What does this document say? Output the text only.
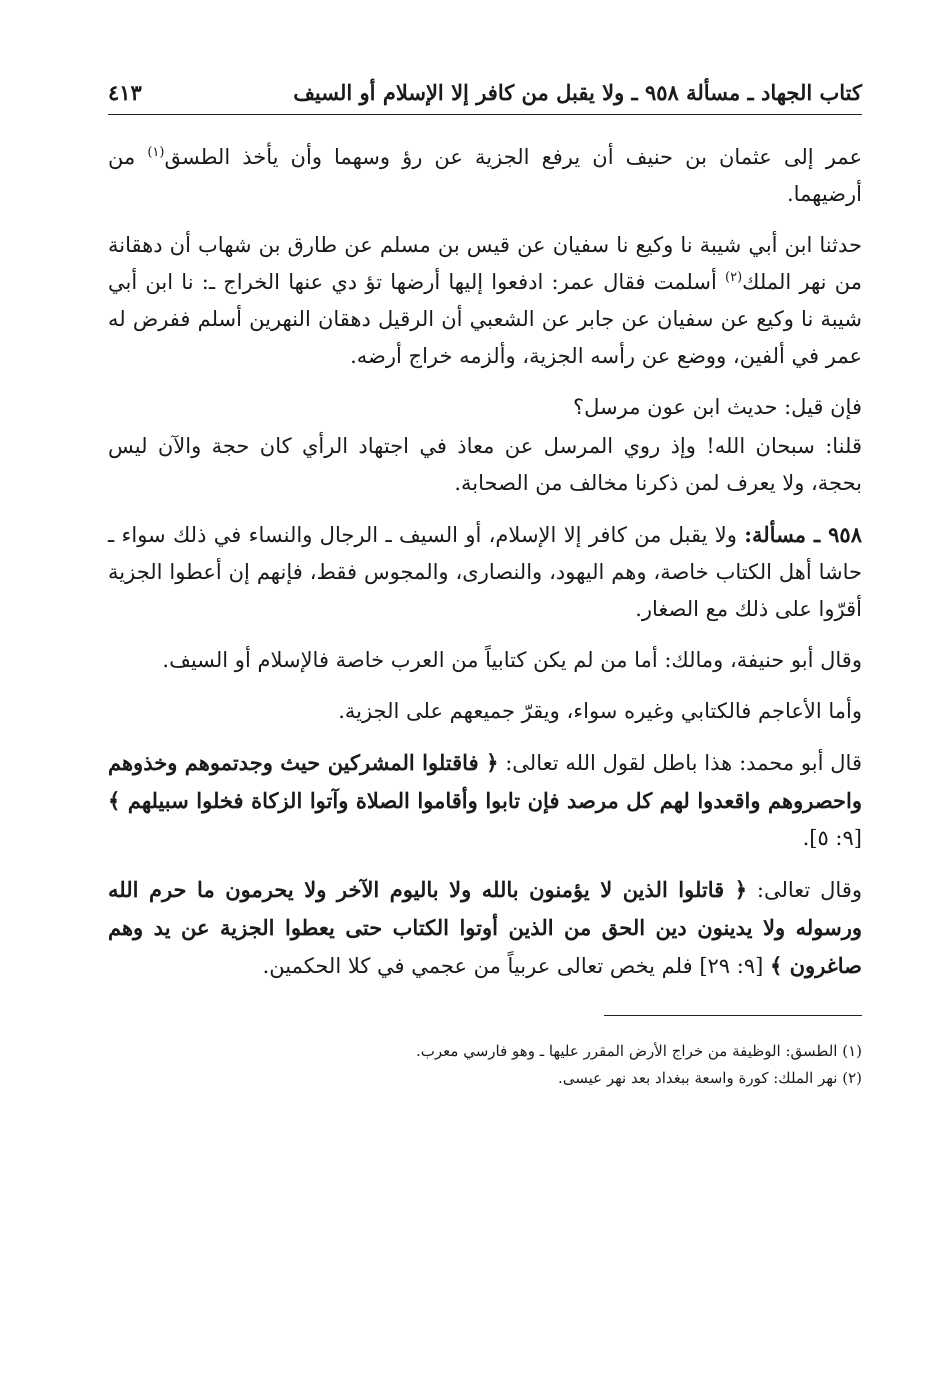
كتاب الجهاد ـ مسألة ٩٥٨ ـ ولا يقبل من كافر إلا الإسلام أو السيف
٤١٣

عمر إلى عثمان بن حنيف أن يرفع الجزية عن رؤ وسهما وأن يأخذ الطسق$^{(١)}$ من أرضيهما.

حدثنا ابن أبي شيبة نا وكيع نا سفيان عن قيس بن مسلم عن طارق بن شهاب أن دهقانة من نهر الملك$^{(٢)}$ أسلمت فقال عمر: ادفعوا إليها أرضها تؤ دي عنها الخراج ـ: نا ابن أبي شيبة نا وكيع عن سفيان عن جابر عن الشعبي أن الرقيل دهقان النهرين أسلم ففرض له عمر في ألفين، ووضع عن رأسه الجزية، وألزمه خراج أرضه.

فإن قيل: حديث ابن عون مرسل؟

قلنا: سبحان الله! وإذ روي المرسل عن معاذ في اجتهاد الرأي كان حجة والآن ليس بحجة، ولا يعرف لمن ذكرنا مخالف من الصحابة.

٩٥٨ ـ مسألة: ولا يقبل من كافر إلا الإسلام، أو السيف ـ الرجال والنساء في ذلك سواء ـ حاشا أهل الكتاب خاصة، وهم اليهود، والنصارى، والمجوس فقط، فإنهم إن أعطوا الجزية أقرّوا على ذلك مع الصغار.

وقال أبو حنيفة، ومالك: أما من لم يكن كتابياً من العرب خاصة فالإسلام أو السيف.

وأما الأعاجم فالكتابي وغيره سواء، ويقرّ جميعهم على الجزية.

قال أبو محمد: هذا باطل لقول الله تعالى: ﴿ فاقتلوا المشركين حيث وجدتموهم وخذوهم واحصروهم واقعدوا لهم كل مرصد فإن تابوا وأقاموا الصلاة وآتوا الزكاة فخلوا سبيلهم ﴾ [٩: ٥].

وقال تعالى: ﴿ قاتلوا الذين لا يؤمنون بالله ولا باليوم الآخر ولا يحرمون ما حرم الله ورسوله ولا يدينون دين الحق من الذين أوتوا الكتاب حتى يعطوا الجزية عن يد وهم صاغرون ﴾ [٩: ٢٩] فلم يخص تعالى عربياً من عجمي في كلا الحكمين.

(١) الطسق: الوظيفة من خراج الأرض المقرر عليها ـ وهو فارسي معرب.

(٢) نهر الملك: كورة واسعة ببغداد بعد نهر عيسى.
